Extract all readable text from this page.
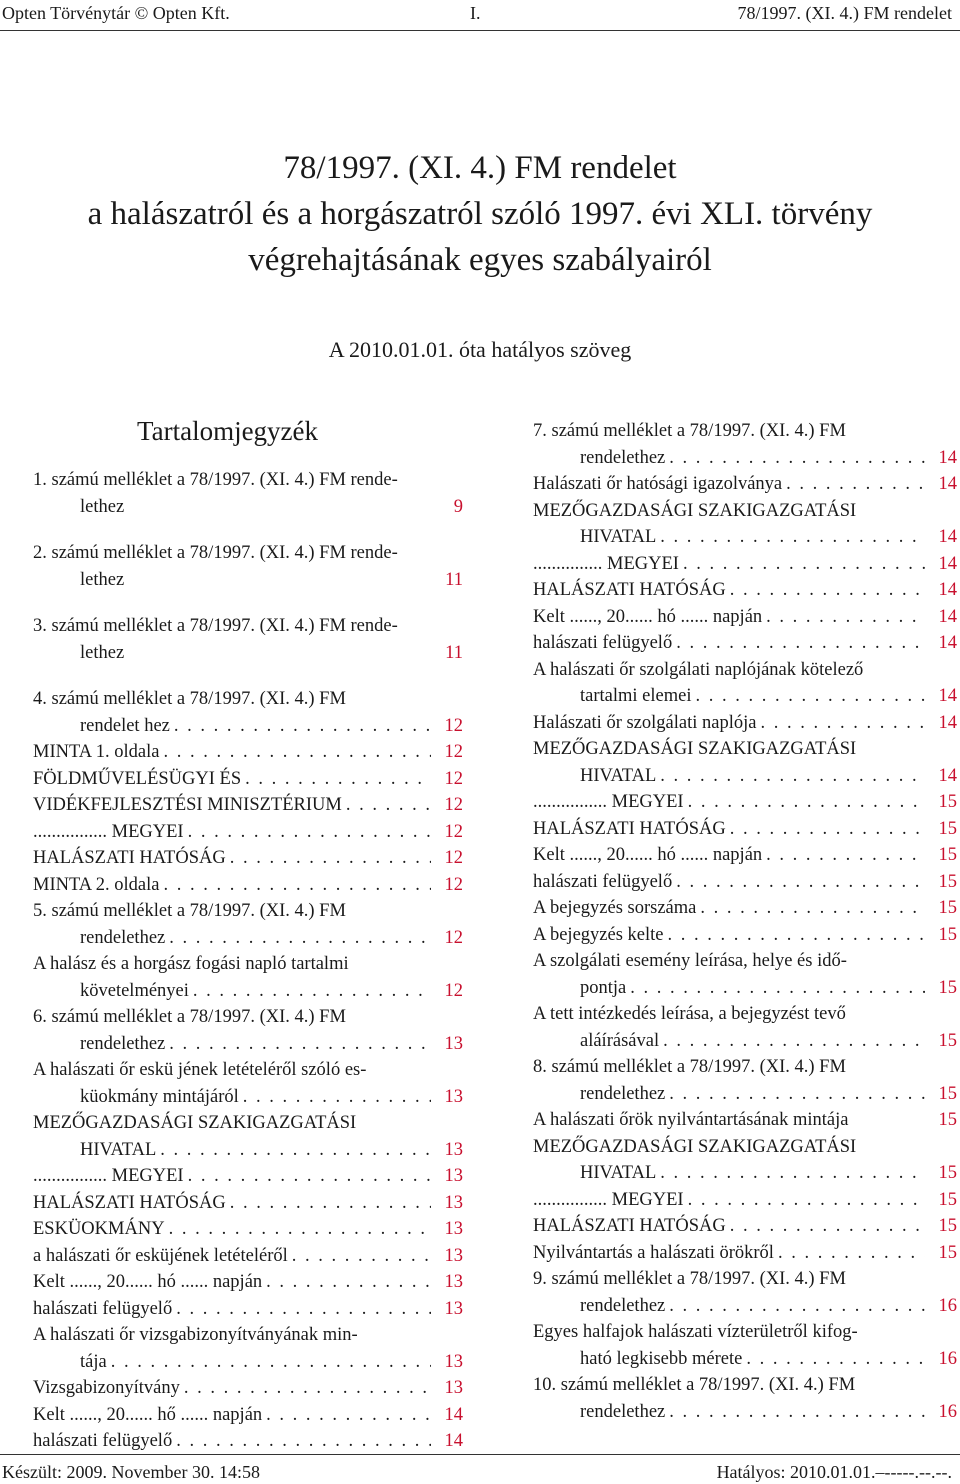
Opten Törvénytár © Opten Kft.	I.	78/1997. (XI. 4.) FM rendelet
78/1997. (XI. 4.) FM rendelet
a halászatról és a horgászatról szóló 1997. évi XLI. törvény
végrehajtásának egyes szabályairól
A 2010.01.01. óta hatályos szöveg
Tartalomjegyzék
1. számú melléklet a 78/1997. (XI. 4.) FM rende-
lethez	9
2. számú melléklet a 78/1997. (XI. 4.) FM rende-
lethez	11
3. számú melléklet a 78/1997. (XI. 4.) FM rende-
lethez	11
4. számú melléklet a 78/1997. (XI. 4.) FM
rendelet hez . . .	12
MINTA 1. oldala . . .	12
FÖLDMŰVELÉSÜGYI ÉS . . .	12
VIDÉKFEJLESZTÉSI MINISZTÉRIUM . . .	12
................ MEGYEI . . .	12
HALÁSZATI HATÓSÁG . . .	12
MINTA 2. oldala . . .	12
5. számú melléklet a 78/1997. (XI. 4.) FM
rendelethez . . .	12
A halász és a horgász fogási napló tartalmi
követelményei . . .	12
6. számú melléklet a 78/1997. (XI. 4.) FM
rendelethez . . .	13
A halászati őr eskü jének letételéről szóló es-
küokmány mintájáról . . .	13
MEZŐGAZDASÁGI SZAKIGAZGATÁSI
HIVATAL . . .	13
................ MEGYEI . . .	13
HALÁSZATI HATÓSÁG . . .	13
ESKÜOKMÁNY . . .	13
a halászati őr esküjének letételéről . . .	13
Kelt ......, 20...... hó ...... napján . . .	13
halászati felügyelő . . .	13
A halászati őr vizsgabizonyítványának min-
tája . . .	13
Vizsgabizonyítvány . . .	13
Kelt ......, 20...... hő ...... napján . . .	14
halászati felügyelő . . .	14
7. számú melléklet a 78/1997. (XI. 4.) FM
rendelethez . . .	14
Halászati őr hatósági igazolványa . . .	14
MEZŐGAZDASÁGI SZAKIGAZGATÁSI
HIVATAL . . .	14
............... MEGYEI . . .	14
HALÁSZATI HATÓSÁG . . .	14
Kelt ......, 20...... hó ...... napján . . .	14
halászati felügyelő . . .	14
A halászati őr szolgálati naplójának kötelező
tartalmi elemei . . .	14
Halászati őr szolgálati naplója . . .	14
MEZŐGAZDASÁGI SZAKIGAZGATÁSI
HIVATAL . . .	14
................ MEGYEI . . .	15
HALÁSZATI HATÓSÁG . . .	15
Kelt ......, 20...... hó ...... napján . . .	15
halászati felügyelő . . .	15
A bejegyzés sorszáma . . .	15
A bejegyzés kelte . . .	15
A szolgálati esemény leírása, helye és idő-
pontja . . .	15
A tett intézkedés leírása, a bejegyzést tevő
aláírásával . . .	15
8. számú melléklet a 78/1997. (XI. 4.) FM
rendelethez . . .	15
A halászati őrök nyilvántartásának mintája	15
MEZŐGAZDASÁGI SZAKIGAZGATÁSI
HIVATAL . . .	15
................ MEGYEI . . .	15
HALÁSZATI HATÓSÁG . . .	15
Nyilvántartás a halászati örökről . . .	15
9. számú melléklet a 78/1997. (XI. 4.) FM
rendelethez . . .	16
Egyes halfajok halászati vízterületről kifog-
ható legkisebb mérete . . .	16
10. számú melléklet a 78/1997. (XI. 4.) FM
rendelethez . . .	16
Készült: 2009. November 30. 14:58	Hatályos: 2010.01.01.–-----.--.--.
